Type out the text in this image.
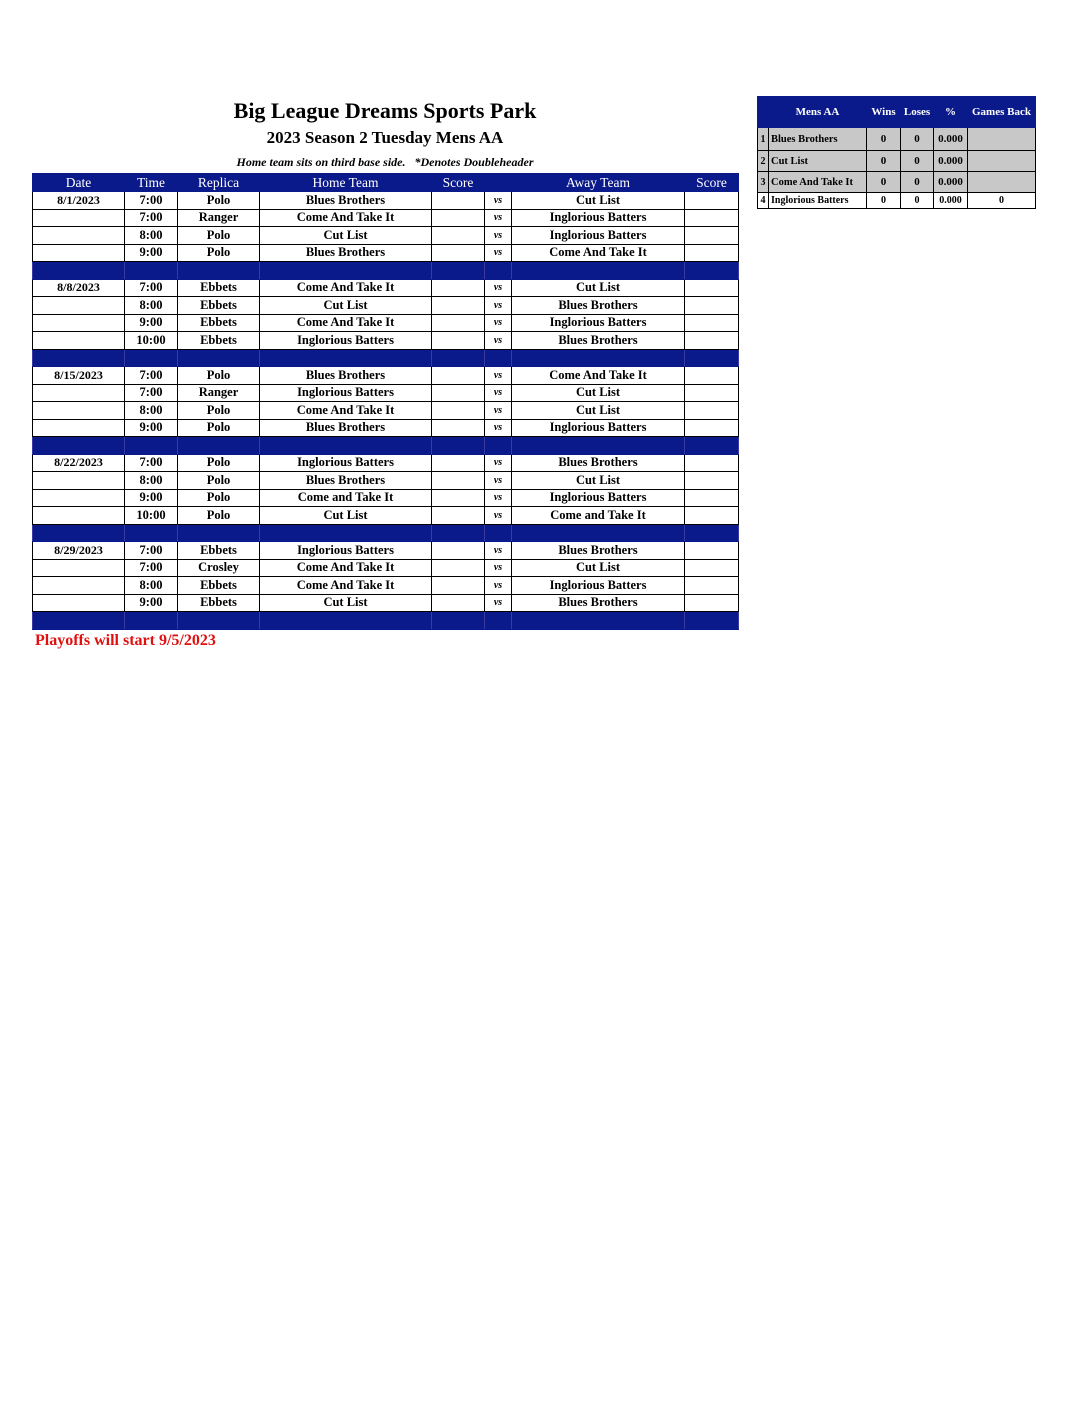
Big League Dreams Sports Park
2023 Season 2 Tuesday Mens AA
Home team sits on third base side.   *Denotes Doubleheader
Date	Time	Replica	Home Team	Score		Away Team	Score
8/1/2023	7:00	Polo	Blues Brothers		vs	Cut List	
	7:00	Ranger	Come And Take It		vs	Inglorious Batters	
	8:00	Polo	Cut List		vs	Inglorious Batters	
	9:00	Polo	Blues Brothers		vs	Come And Take It	

8/8/2023	7:00	Ebbets	Come And Take It		vs	Cut List	
	8:00	Ebbets	Cut List		vs	Blues Brothers	
	9:00	Ebbets	Come And Take It		vs	Inglorious Batters	
	10:00	Ebbets	Inglorious Batters		vs	Blues Brothers	

8/15/2023	7:00	Polo	Blues Brothers		vs	Come And Take It	
	7:00	Ranger	Inglorious Batters		vs	Cut List	
	8:00	Polo	Come And Take It		vs	Cut List	
	9:00	Polo	Blues Brothers		vs	Inglorious Batters	

8/22/2023	7:00	Polo	Inglorious Batters		vs	Blues Brothers	
	8:00	Polo	Blues Brothers		vs	Cut List	
	9:00	Polo	Come and Take It		vs	Inglorious Batters	
	10:00	Polo	Cut List		vs	Come and Take It	

8/29/2023	7:00	Ebbets	Inglorious Batters		vs	Blues Brothers	
	7:00	Crosley	Come And Take It		vs	Cut List	
	8:00	Ebbets	Come And Take It		vs	Inglorious Batters	
	9:00	Ebbets	Cut List		vs	Blues Brothers	

Playoffs will start 9/5/2023
	Mens AA	Wins	Loses	%	Games Back
1	Blues Brothers	0	0	0.000	
2	Cut List	0	0	0.000	
3	Come And Take It	0	0	0.000	
4	Inglorious Batters	0	0	0.000	0
